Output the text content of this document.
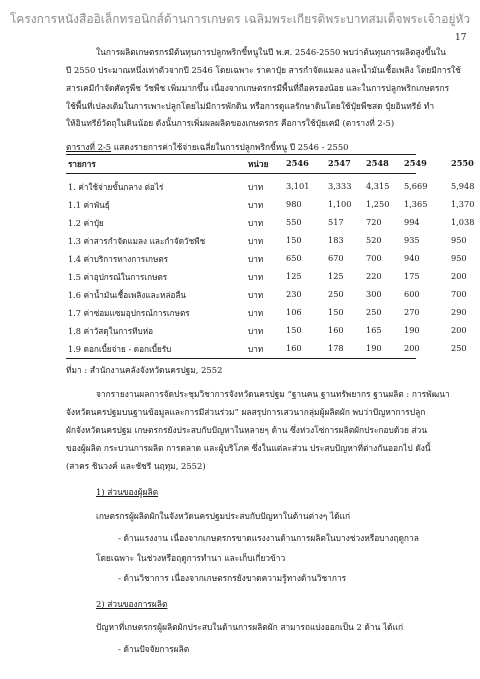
โครงการหนังสืออิเล็กทรอนิกส์ด้านการเกษตร เฉลิมพระเกียรติพระบาทสมเด็จพระเจ้าอยู่หัว
17
ในการผลิตเกษตรกรมีต้นทุนการปลูกพริกขี้หนูในปี พ.ศ. 2546-2550 พบว่าต้นทุนการผลิตสูงขึ้นใน
ปี 2550 ประมาณหนึ่งเท่าตัวจากปี 2546 โดยเฉพาะ ราคาปุ๋ย สารกำจัดแมลง และน้ำมันเชื้อเพลิง โดยมีการใช้
สารเคมีกำจัดศัตรูพืช วัชพืช เพิ่มมากขึ้น เนื่องจากเกษตรกรมีพื้นที่ถือครองน้อย และในการปลูกพริกเกษตรกร
ใช้พื้นที่เปลงเดิมในการเพาะปลูกโดยไม่มีการพักดิน หรือการดูแลรักษาดินโดยใช้ปุ๋ยพืชสด ปุ๋ยอินทรีย์ ทำ
ให้อินทรีย์วัตถุในดินน้อย ดังนั้นการเพิ่มผลผลิตของเกษตรกร คือการใช้ปุ๋ยเคมี (ตารางที่ 2-5)
ตารางที่ 2-5 แสดงรายการค่าใช้จ่ายเฉลี่ยในการปลูกพริกขี้หนู ปี 2546 - 2550
รายการ	หน่วย 2546 2547 2548 2549	2550
1. ค่าใช้จ่ายขั้นกลาง ต่อไร่	บาท	3,101 3,333 4,315 5,669	5,948
1.1 ค่าพันธุ์	บาท	980	1,100 1,250 1,365	1,370
1.2 ค่าปุ๋ย	บาท	550	517	720	994	1,038
1.3 ค่าสารกำจัดแมลง และกำจัดวัชพืช	บาท	150	183	520	935	950
1.4 ค่าบริการทางการเกษตร	บาท	650	670	700	940	950
1.5 ค่าอุปกรณ์ในการเกษตร	บาท	125	125	220	175	200
1.6 ค่าน้ำมันเชื้อเพลิงและหล่อลื่น	บาท	230	250	300	600	700
1.7 ค่าซ่อมแซมอุปกรณ์การเกษตร	บาท	106	150	250	270	290
1.8 ค่าวัสดุในการทีบห่อ	บาท	150	160	165	190	200
1.9 ดอกเบี้ยจ่าย - ดอกเบี้ยรับ	บาท	160	178	190	200	250
ที่มา : สำนักงานคลังจังหวัดนครปฐม, 2552
จากรายงานผลการจัดประชุมวิชาการจังหวัดนครปฐม “ฐานคน ฐานทรัพยากร ฐานผลิต : การพัฒนา
จังหวัดนครปฐมบนฐานข้อมูลและการมีส่วนร่วม” ผลสรุปการเสวนากลุ่มผู้ผลิตผัก พบว่าปัญหาการปลูก
ผักจังหวัดนครปฐม เกษตรกรยังประสบกับปัญหาในหลายๆ ด้าน ซึ่งห่วงโซ่การผลิตผักประกอบด้วย ส่วน
ของผู้ผลิต กระบวนการผลิต การตลาด และผู้บริโภค ซึ่งในแต่ละส่วน ประสบปัญหาที่ต่างกันออกไป ดังนี้
(สาคร ชินวงค์ และชัชรี นฤทุม, 2552)
1) ส่วนของผู้ผลิต
เกษตรกรผู้ผลิตผักในจังหวัดนครปฐมประสบกับปัญหาในด้านต่างๆ ได้แก่
- ด้านแรงงาน เนื่องจากเกษตรกรขาดแรงงานด้านการผลิตในบางช่วงหรือบางฤดูกาล
โดยเฉพาะ ในช่วงหรือฤดูการทำนา และเก็บเกี่ยวข้าว
- ด้านวิชาการ เนื่องจากเกษตรกรยังขาดความรู้ทางด้านวิชาการ
2) ส่วนของการผลิต
ปัญหาที่เกษตรกรผู้ผลิตผักประสบในด้านการผลิตผัก สามารถแบ่งออกเป็น 2 ด้าน ได้แก่
- ด้านปัจจัยการผลิต
